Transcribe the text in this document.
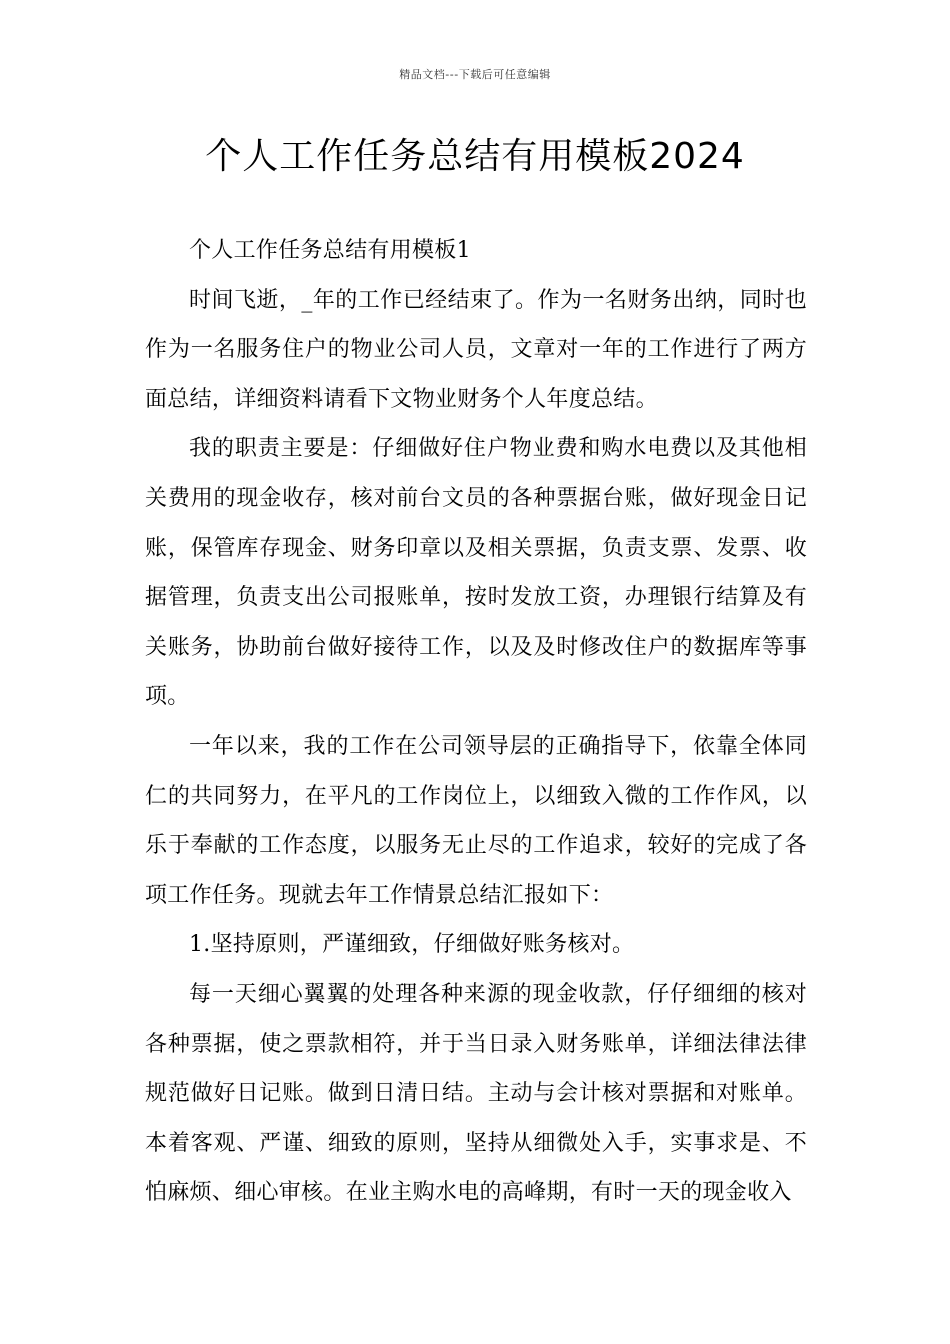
精品文档---下载后可任意编辑
个人工作任务总结有用模板2024

个人工作任务总结有用模板1

时间飞逝，_年的工作已经结束了。作为一名财务出纳，同时也作为一名服务住户的物业公司人员，文章对一年的工作进行了两方面总结，详细资料请看下文物业财务个人年度总结。

我的职责主要是：仔细做好住户物业费和购水电费以及其他相关费用的现金收存，核对前台文员的各种票据台账，做好现金日记账，保管库存现金、财务印章以及相关票据，负责支票、发票、收据管理，负责支出公司报账单，按时发放工资，办理银行结算及有关账务，协助前台做好接待工作，以及及时修改住户的数据库等事项。

一年以来，我的工作在公司领导层的正确指导下，依靠全体同仁的共同努力，在平凡的工作岗位上，以细致入微的工作作风，以乐于奉献的工作态度，以服务无止尽的工作追求，较好的完成了各项工作任务。现就去年工作情景总结汇报如下：

1.坚持原则，严谨细致，仔细做好账务核对。

每一天细心翼翼的处理各种来源的现金收款，仔仔细细的核对各种票据，使之票款相符，并于当日录入财务账单，详细法律法律规范做好日记账。做到日清日结。主动与会计核对票据和对账单。本着客观、严谨、细致的原则，坚持从细微处入手，实事求是、不怕麻烦、细心审核。在业主购水电的高峰期，有时一天的现金收入
